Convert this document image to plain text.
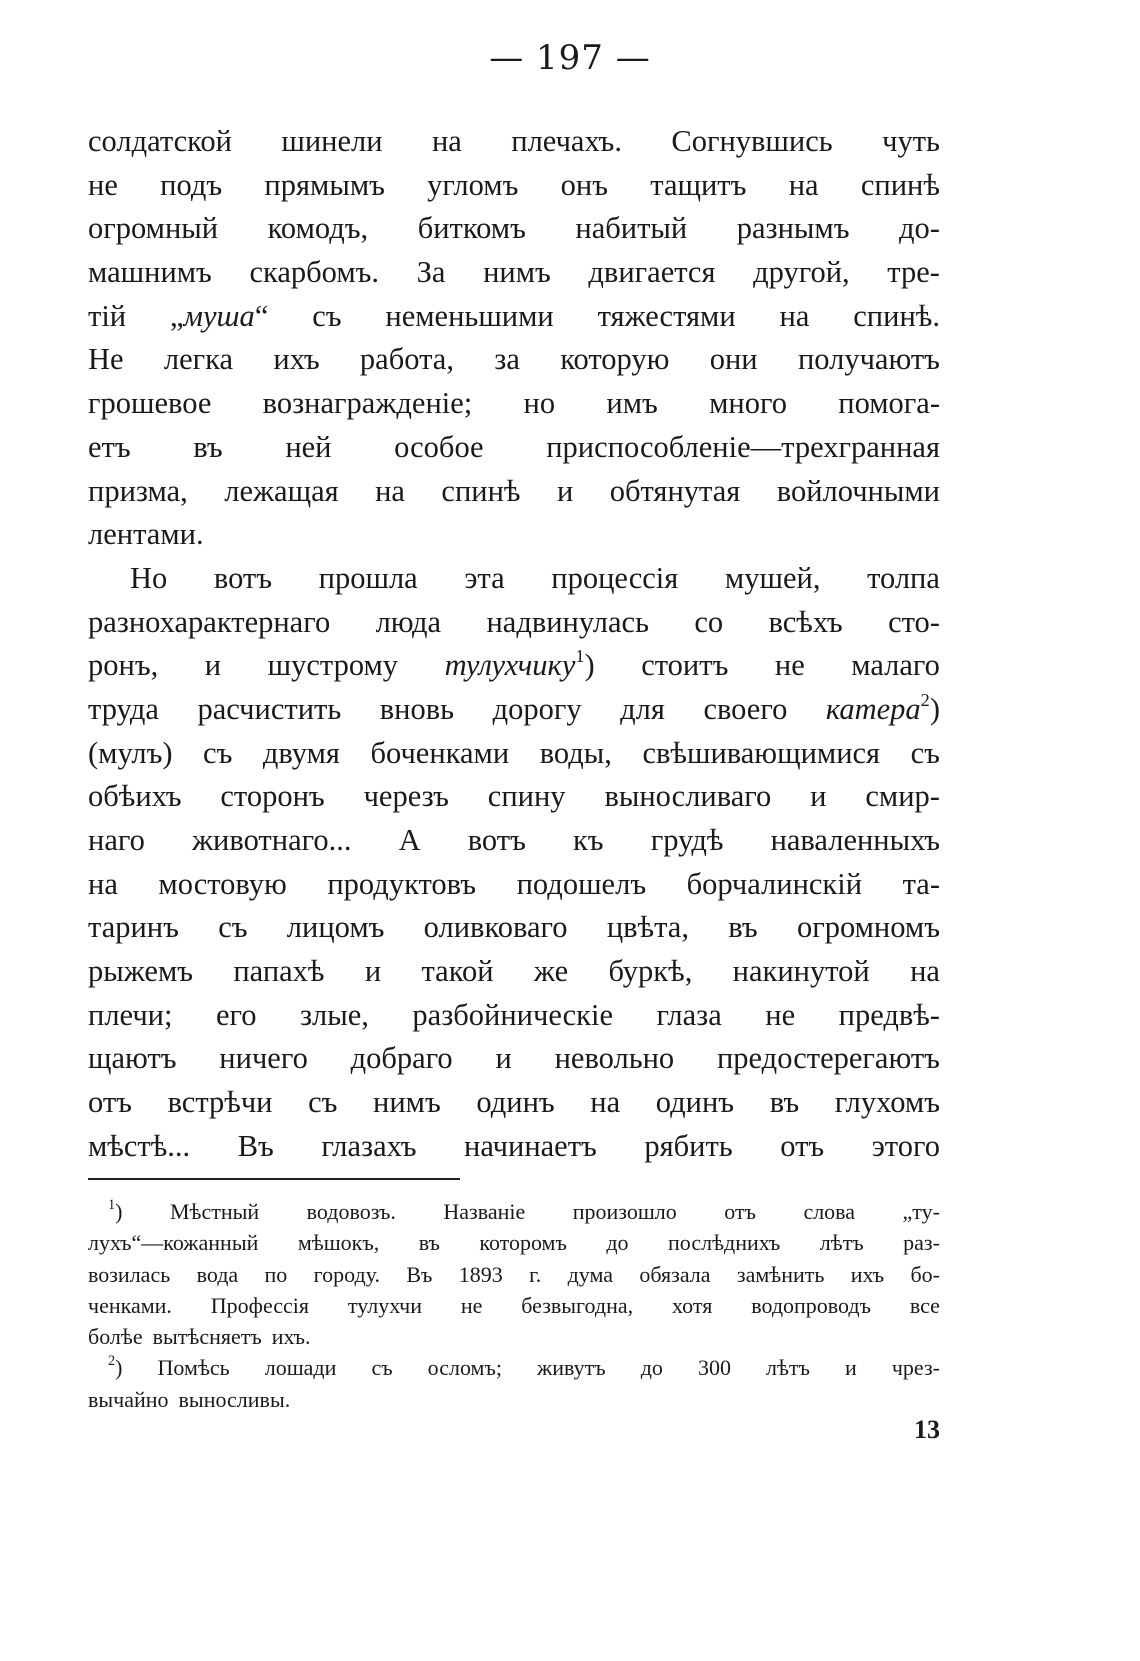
— 197 —
солдатской шинели на плечахъ. Согнувшись чуть
не подъ прямымъ угломъ онъ тащитъ на спинѣ
огромный комодъ, биткомъ набитый разнымъ до-
машнимъ скарбомъ. За нимъ двигается другой, тре-
тій „муша“ съ неменьшими тяжестями на спинѣ.
Не легка ихъ работа, за которую они получаютъ
грошевое вознагражденіе; но имъ много помога-
етъ въ ней особое приспособленіе—трехгранная
призма, лежащая на спинѣ и обтянутая войлочными
лентами.
Но вотъ прошла эта процессія мушей, толпа
разнохарактернаго люда надвинулась со всѣхъ сто-
ронъ, и шустрому тулухчику$^1$) стоитъ не малаго
труда расчистить вновь дорогу для своего катера$^2$)
(мулъ) съ двумя боченками воды, свѣшивающимися съ
обѣихъ сторонъ черезъ спину выносливаго и смир-
наго животнаго... А вотъ къ грудѣ наваленныхъ
на мостовую продуктовъ подошелъ борчалинскій та-
таринъ съ лицомъ оливковаго цвѣта, въ огромномъ
рыжемъ папахѣ и такой же буркѣ, накинутой на
плечи; его злые, разбойническіе глаза не предвѣ-
щаютъ ничего добраго и невольно предостерегаютъ
отъ встрѣчи съ нимъ одинъ на одинъ въ глухомъ
мѣстѣ... Въ глазахъ начинаетъ рябить отъ этого
$^1$) Мѣстный водовозъ. Названіе произошло отъ слова „ту-
лухъ“—кожанный мѣшокъ, въ которомъ до послѣднихъ лѣтъ раз-
возилась вода по городу. Въ 1893 г. дума обязала замѣнить ихъ бо-
ченками. Профессія тулухчи не безвыгодна, хотя водопроводъ все
болѣе вытѣсняетъ ихъ.
$^2$) Помѣсь лошади съ осломъ; живутъ до 300 лѣтъ и чрез-
вычайно выносливы.
13
